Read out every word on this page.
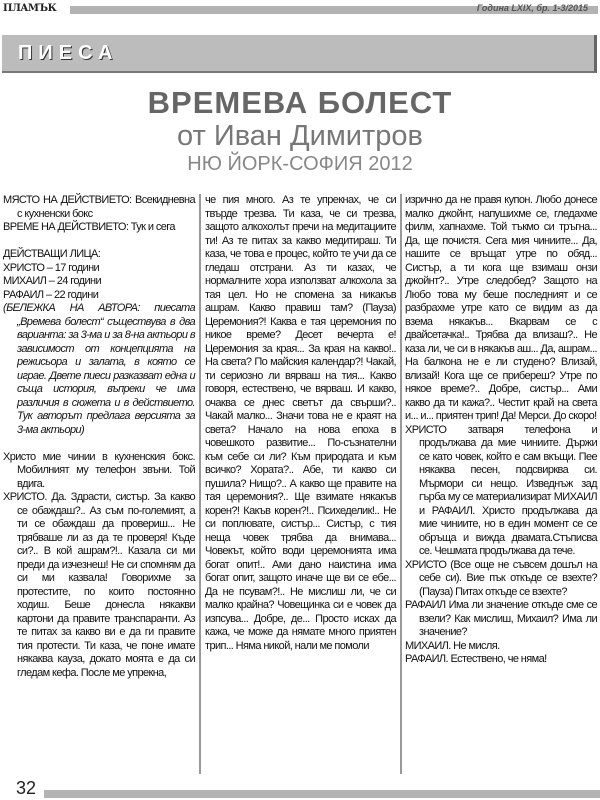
ПЛАМЪК	Година LXIX, бр. 1-3/2015
ПИЕСА
ВРЕМЕВА БОЛЕСТ
от Иван Димитров
НЮ ЙОРК-СОФИЯ 2012

МЯСТО НА ДЕЙСТВИЕТО: Всекидневна с кухненски бокс

ВРЕМЕ НА ДЕЙСТВИЕТО: Тук и сега

ДЕЙСТВАЩИ ЛИЦА:

ХРИСТО – 17 години

МИХАИЛ – 24 години

РАФАИЛ – 22 години

(БЕЛЕЖКА НА АВТОРА: пиесата „Времева болест“ съществува в два варианта: за 3-ма и за 8-на актьори в зависимост от концепцията на режисьора и залата, в която се играе. Двете пиеси разказват една и съща история, въпреки че има различия в сюжета и в действието. Тук авторът предлага версията за 3-ма актьори)

Христо мие чинии в кухненския бокс. Мобилният му телефон звъни. Той вдига.

ХРИСТО. Да. Здрасти, систър. За какво се обаждаш?.. Аз съм по-големият, а ти се обаждаш да провериш... Не трябваше ли аз да те проверя! Къде си?.. В кой ашрам?!.. Казала си ми преди да изчезнеш! Не си спомням да си ми казвала! Говорихме за протестите, по които постоянно ходиш. Беше донесла някакви картони да правите транспаранти. Аз те питах за какво ви е да ги правите тия протести. Ти каза, че поне имате някаква кауза, докато моята е да си гледам кефа. После ме упрекна,

че пия много. Аз те упрекнах, че си твърде трезва. Ти каза, че си трезва, защото алкохолът пречи на медитациите ти! Аз те питах за какво медитираш. Ти каза, че това е процес, който те учи да се гледаш отстрани. Аз ти казах, че нормалните хора използват алкохола за тая цел. Но не спомена за никакъв ашрам. Какво правиш там? (Пауза) Церемония?! Каква е тая церемония по никое време? Десет вечерта е! Церемония за края... За края на какво!.. На света? По майския календар?! Чакай, ти сериозно ли вярваш на тия... Какво говоря, естествено, че вярваш. И какво, очаква се днес светът да свърши?.. Чакай малко... Значи това не е краят на света? Начало на нова епоха в човешкото развитие... По-съзнателни към себе си ли? Към природата и към всичко? Хората?.. Абе, ти какво си пушила? Нищо?.. А какво ще правите на тая церемония?.. Ще взимате някакъв корен?! Какъв корен?!.. Психеделик!.. Не си поплювате, систър... Систър, с тия неща човек трябва да внимава... Човекът, който води церемонията има богат опит!.. Ами дано наистина има богат опит, защото иначе ще ви се ебе... Да не псувам?!.. Не мислиш ли, че си малко крайна? Човещинка си е човек да изпсува... Добре, де... Просто исках да кажа, че може да нямате много приятен трип... Няма никой, нали ме помоли

изрично да не правя купон. Любо донесе малко джойнт, напушихме се, гледахме филм, хапнахме. Той тъкмо си тръгна... Да, ще почистя. Сега мия чиниите... Да, нашите се връщат утре по обяд... Систър, а ти кога ще взимаш онзи джойнт?.. Утре следобед? Защото на Любо това му беше последният и се разбрахме утре като се видим аз да взема някакъв... Вкарвам се с двайсетачка!.. Трябва да влизаш?.. Не каза ли, че си в някакъв аш... Да, ашрам... На балкона не е ли студено? Влизай, влизай! Кога ще се прибереш? Утре по някое време?.. Добре, систър... Ами какво да ти кажа?.. Честит край на света и... и... приятен трип! Да! Мерси. До скоро!

ХРИСТО затваря телефона и продължава да мие чиниите. Държи се като човек, който е сам вкъщи. Пее някаква песен, подсвирква си. Мърмори си нещо. Изведнъж зад гърба му се материализират МИХАИЛ и РАФАИЛ. Христо продължава да мие чиниите, но в един момент се се обръща и вижда двамата.Стъписва се. Чешмата продължава да тече.

ХРИСТО (Все още не съвсем дошъл на себе си). Вие пък откъде се взехте? (Пауза) Питах откъде се взехте?

РАФАИЛ Има ли значение откъде сме се взели? Как мислиш, Михаил? Има ли значение?

МИХАИЛ. Не мисля.

РАФАИЛ. Естествено, че няма!

32
